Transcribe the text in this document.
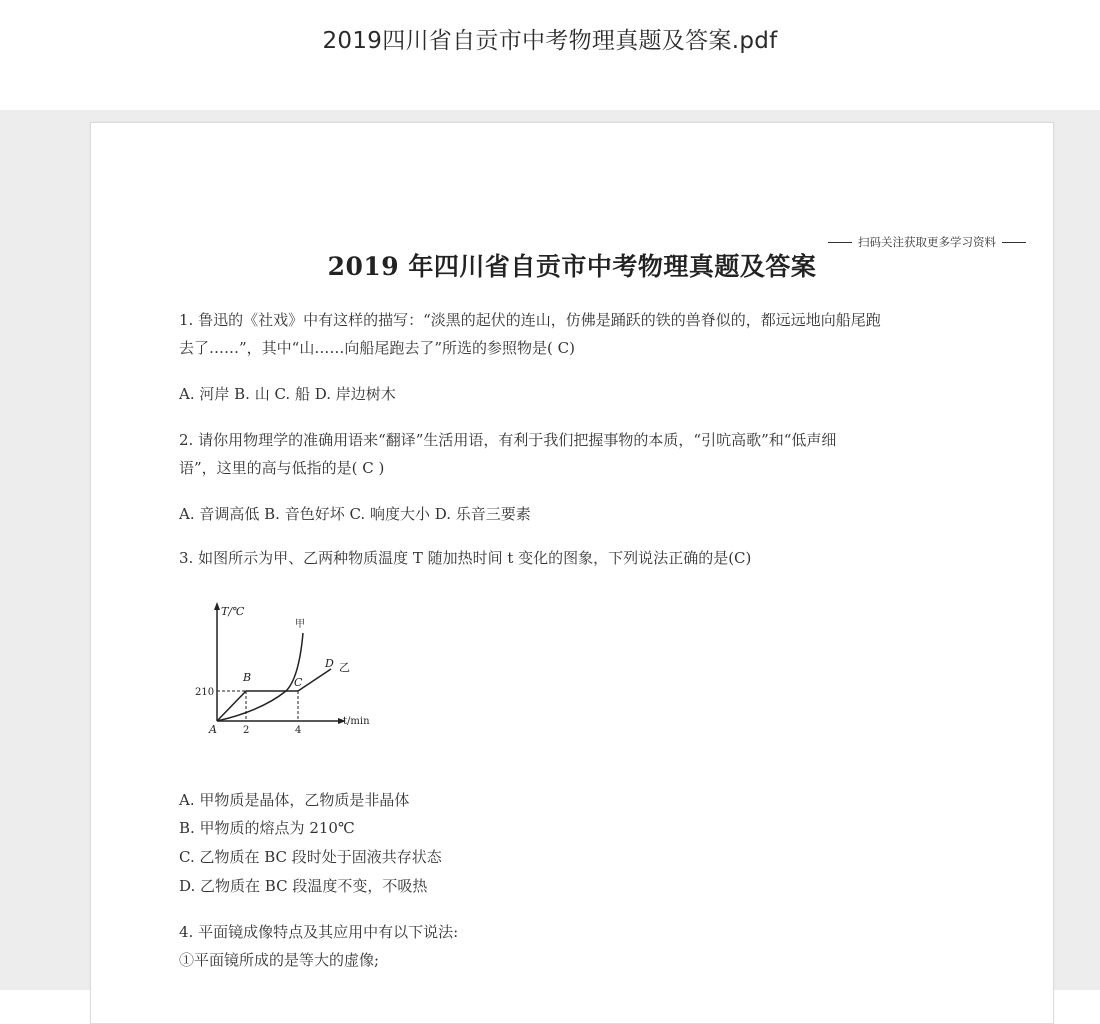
2019四川省自贡市中考物理真题及答案.pdf
扫码关注获取更多学习资料
2019 年四川省自贡市中考物理真题及答案
1. 鲁迅的《社戏》中有这样的描写：“淡黑的起伏的连山，仿佛是踊跃的铁的兽脊似的，都远远地向船尾跑
去了……”，其中“山……向船尾跑去了”所选的参照物是( C)
A. 河岸 B. 山 C. 船 D. 岸边树木
2. 请你用物理学的准确用语来“翻译”生活用语，有利于我们把握事物的本质，“引吭高歌”和“低声细
语”，这里的高与低指的是( C )
A. 音调高低 B. 音色好坏 C. 响度大小 D. 乐音三要素
3. 如图所示为甲、乙两种物质温度 T 随加热时间 t 变化的图象，下列说法正确的是(C)
T/℃
t/min
A
B	C
D
210
2	4
甲
乙
A. 甲物质是晶体，乙物质是非晶体
B. 甲物质的熔点为 210℃
C. 乙物质在 BC 段时处于固液共存状态
D. 乙物质在 BC 段温度不变，不吸热
4. 平面镜成像特点及其应用中有以下说法:
①平面镜所成的是等大的虚像;
